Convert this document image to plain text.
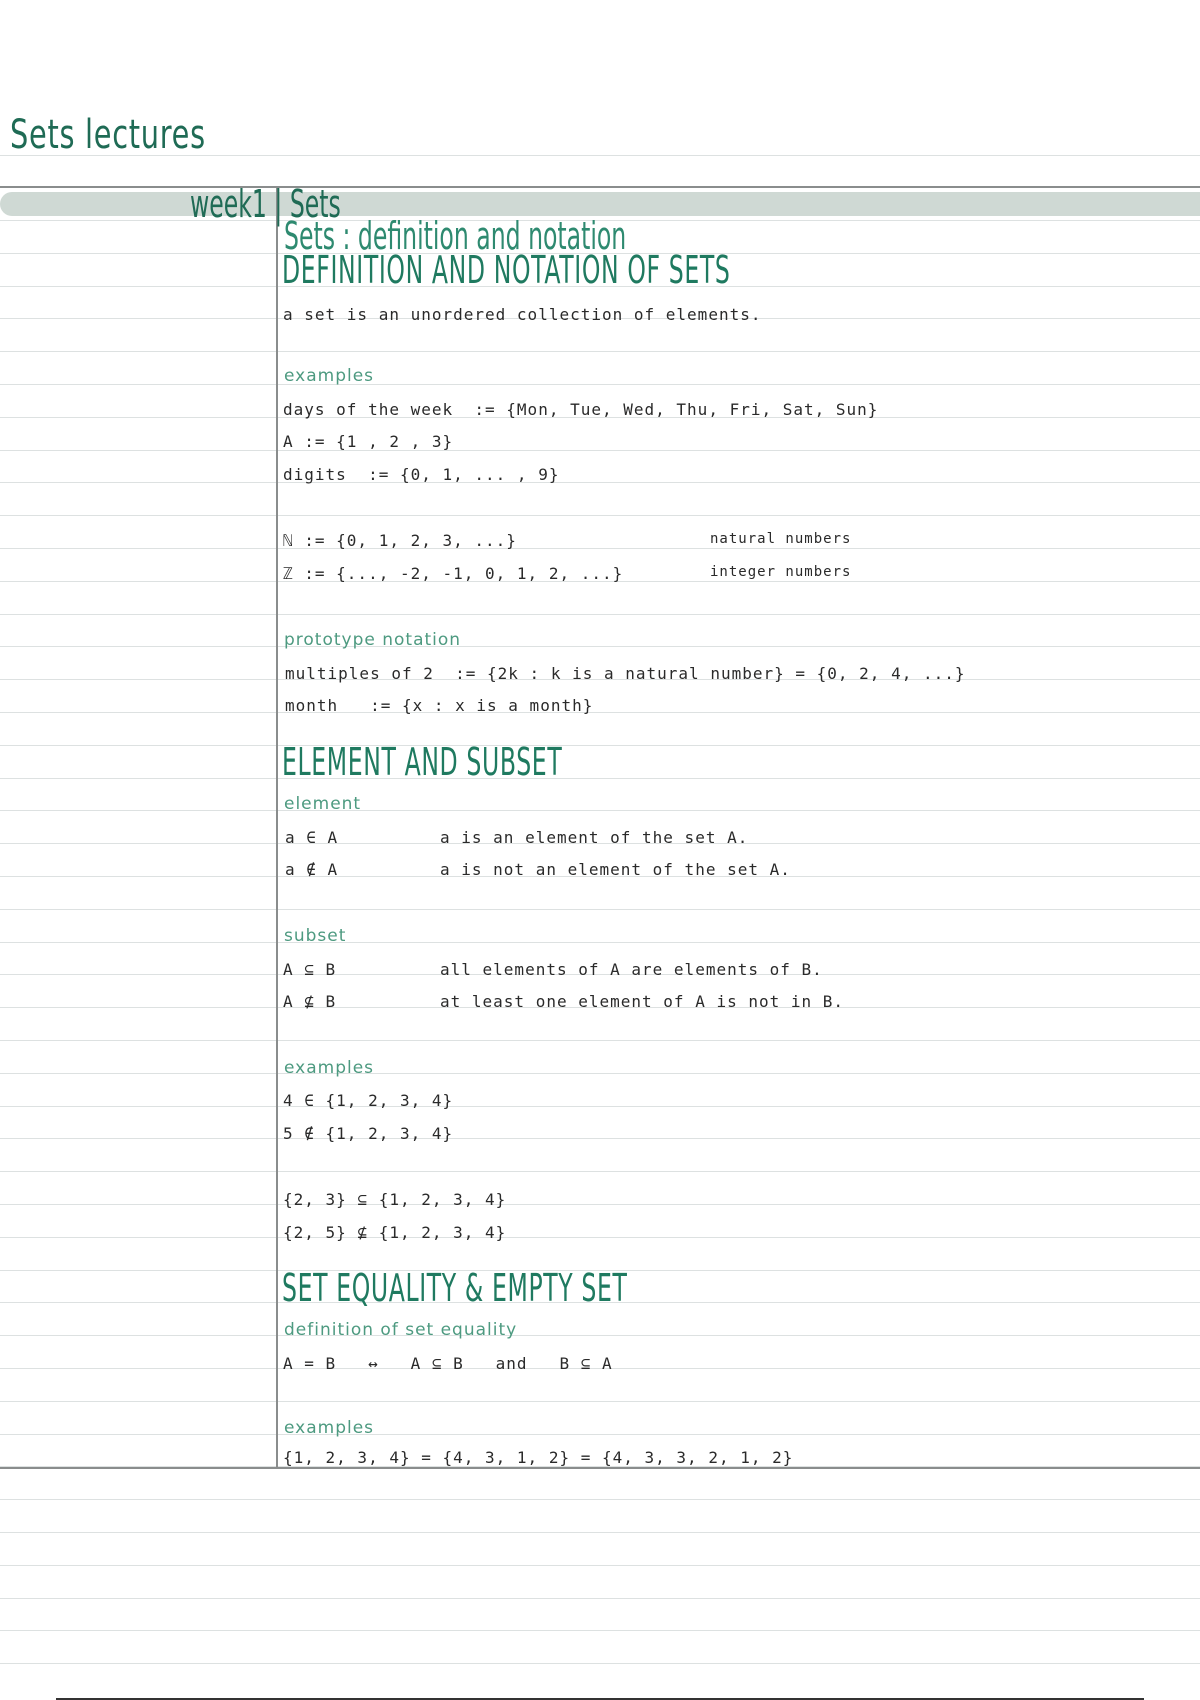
Sets lectures
week1 | Sets
Sets : definition and notation
DEFINITION AND NOTATION OF SETS
a set is an unordered collection of elements.
examples
days of the week  := {Mon, Tue, Wed, Thu, Fri, Sat, Sun}
A := {1 , 2 , 3}
digits  := {0, 1, ... , 9}
ℕ := {0, 1, 2, 3, ...}	natural numbers
ℤ := {..., -2, -1, 0, 1, 2, ...}	integer numbers
prototype notation
multiples of 2  := {2k : k is a natural number} = {0, 2, 4, ...}
month   := {x : x is a month}
ELEMENT AND SUBSET
element
a ∈ A	a is an element of the set A.
a ∉ A	a is not an element of the set A.
subset
A ⊆ B	all elements of A are elements of B.
A ⊈ B	at least one element of A is not in B.
examples
4 ∈ {1, 2, 3, 4}
5 ∉ {1, 2, 3, 4}
{2, 3} ⊆ {1, 2, 3, 4}
{2, 5} ⊈ {1, 2, 3, 4}
SET EQUALITY & EMPTY SET
definition of set equality
A = B   ↔   A ⊆ B   and   B ⊆ A
examples
{1, 2, 3, 4} = {4, 3, 1, 2} = {4, 3, 3, 2, 1, 2}
